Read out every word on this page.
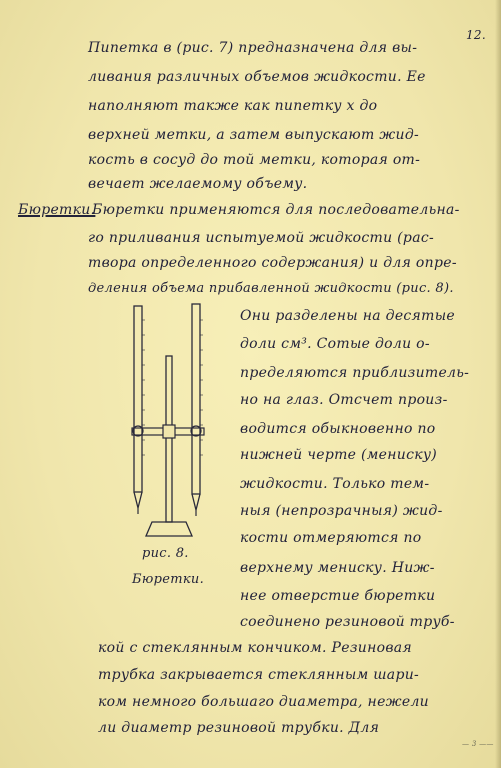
12.
Пипетка в (рис. 7) предназначена для вы-
ливания различных объемов жидкости. Ее
наполняют также как пипетку x до
верхней метки, а затем выпускают жид-
кость в сосуд до той метки, которая от-
вечает желаемому объему.
Бюретки.
Бюретки применяются для последовательна-
го приливания испытуемой жидкости (рас-
твора определенного содержания) и для опре-
деления объема прибавленной жидкости (рис. 8).
Они разделены на десятые
доли см³. Сотые доли о-
пределяются приблизитель-
но на глаз. Отсчет произ-
водится обыкновенно по
нижней черте (мениску)
жидкости. Только тем-
ныя (непрозрачныя) жид-
кости отмеряются по
верхнему мениску. Ниж-
нее отверстие бюретки
соединено резиновой труб-
кой с стеклянным кончиком. Резиновая
трубка закрывается стеклянным шари-
ком немного большаго диаметра, нежели
ли диаметр резиновой трубки. Для
рис. 8.
Бюретки.
— 3 ——
